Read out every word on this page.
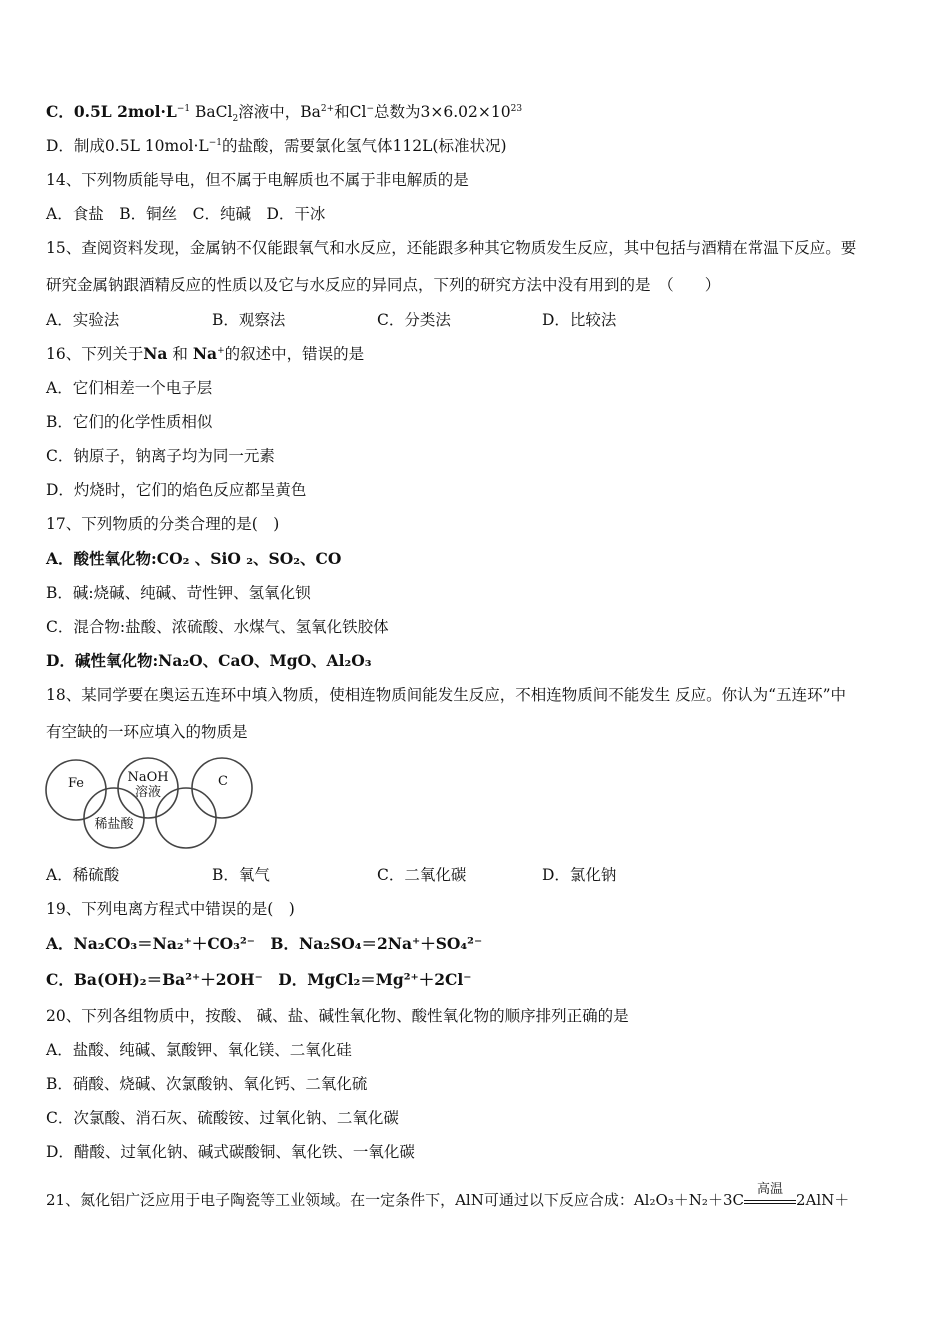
C．0.5L $2mol\cdot L^{-1}$ BaCl$_2$溶液中，$Ba^{2+}$和Cl−总数为$3\times 6.02\times 10^{23}$
D．制成0.5L $10mol\cdot L^{-1}$的盐酸，需要氯化氢气体112L(标准状况)
14、下列物质能导电，但不属于电解质也不属于非电解质的是
A．食盐　B．铜丝　C．纯碱　D．干冰
15、查阅资料发现，金属钠不仅能跟氧气和水反应，还能跟多种其它物质发生反应，其中包括与酒精在常温下反应。要
研究金属钠跟酒精反应的性质以及它与水反应的异同点，下列的研究方法中没有用到的是　（　　）
A．实验法	B．观察法	C．分类法	D．比较法
16、下列关于Na 和 Na+的叙述中，错误的是
A．它们相差一个电子层
B．它们的化学性质相似
C．钠原子，钠离子均为同一元素
D．灼烧时，它们的焰色反应都呈黄色
17、下列物质的分类合理的是(　)
A．酸性氧化物:CO₂ 、SiO ₂、SO₂、CO
B．碱:烧碱、纯碱、苛性钾、氢氧化钡
C．混合物:盐酸、浓硫酸、水煤气、氢氧化铁胶体
D．碱性氧化物:Na₂O、CaO、MgO、Al₂O₃
18、某同学要在奥运五连环中填入物质，使相连物质间能发生反应，不相连物质间不能发生 反应。你认为“五连环”中
有空缺的一环应填入的物质是
Fe	NaOH
溶液
C
稀盐酸
A．稀硫酸	B．氧气	C．二氧化碳	D．氯化钠
19、下列电离方程式中错误的是(　)
A．Na₂CO₃＝Na₂⁺＋CO₃²⁻　B．Na₂SO₄＝2Na⁺＋SO₄²⁻
C．Ba(OH)₂＝Ba²⁺＋2OH⁻　D．MgCl₂＝Mg²⁺＋2Cl⁻
20、下列各组物质中，按酸、 碱、盐、碱性氧化物、酸性氧化物的顺序排列正确的是
A．盐酸、纯碱、氯酸钾、氧化镁、二氧化硅
B．硝酸、烧碱、次氯酸钠、氧化钙、二氧化硫
C．次氯酸、消石灰、硫酸铵、过氧化钠、二氧化碳
D．醋酸、过氧化钠、碱式碳酸铜、氧化铁、一氧化碳
21、氮化铝广泛应用于电子陶瓷等工业领域。在一定条件下，AlN可通过以下反应合成：Al₂O₃＋N₂＋3C
高温
2AlN＋
